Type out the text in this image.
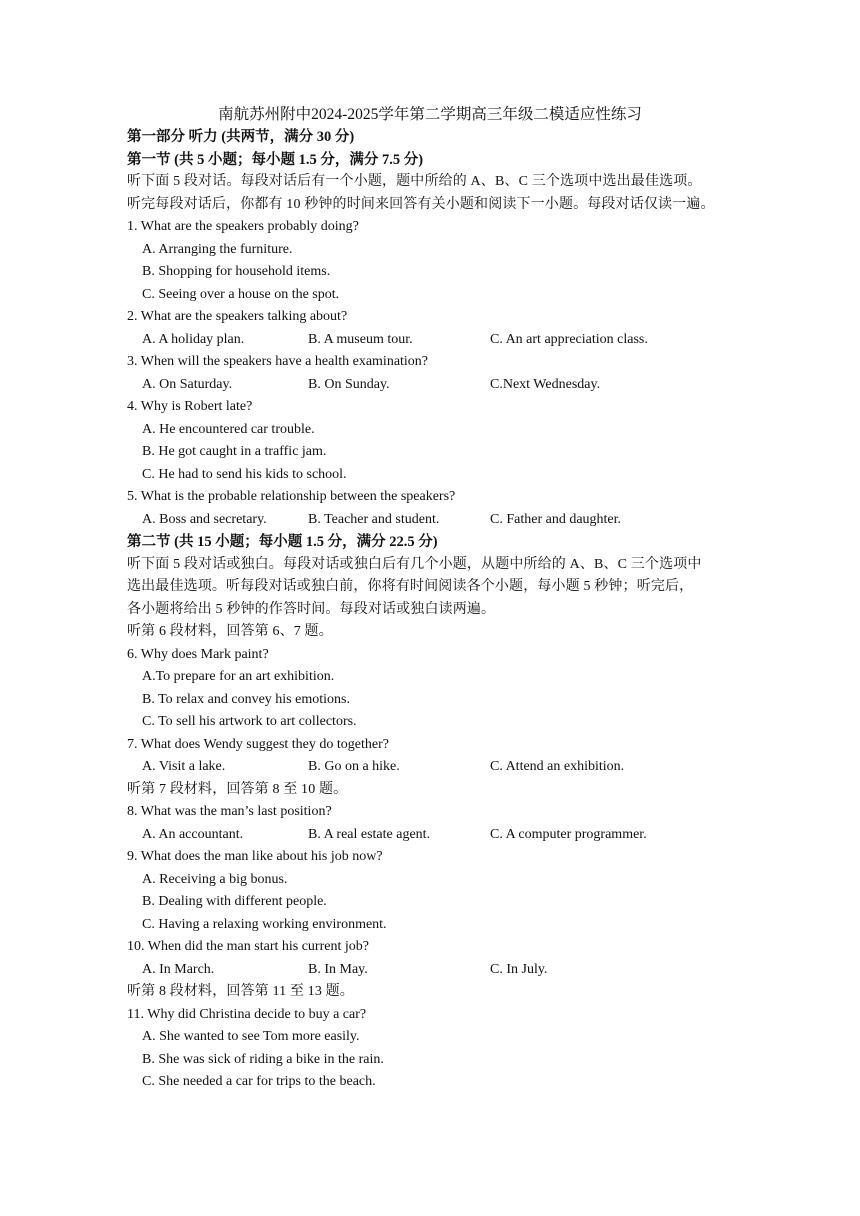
南航苏州附中2024-2025学年第二学期高三年级二模适应性练习
第一部分 听力 (共两节，满分 30 分)
第一节 (共 5 小题；每小题 1.5 分，满分 7.5 分)
听下面 5 段对话。每段对话后有一个小题，题中所给的 A、B、C 三个选项中选出最佳选项。
听完每段对话后，你都有 10 秒钟的时间来回答有关小题和阅读下一小题。每段对话仅读一遍。
1. What are the speakers probably doing?
A. Arranging the furniture.
B. Shopping for household items.
C. Seeing over a house on the spot.
2. What are the speakers talking about?
A. A holiday plan.	B. A museum tour.	C. An art appreciation class.
3. When will the speakers have a health examination?
A. On Saturday.	B. On Sunday.	C.Next Wednesday.
4. Why is Robert late?
A. He encountered car trouble.
B. He got caught in a traffic jam.
C. He had to send his kids to school.
5. What is the probable relationship between the speakers?
A. Boss and secretary.	B. Teacher and student.	C. Father and daughter.
第二节 (共 15 小题；每小题 1.5 分，满分 22.5 分)
听下面 5 段对话或独白。每段对话或独白后有几个小题，从题中所给的 A、B、C 三个选项中
选出最佳选项。听每段对话或独白前，你将有时间阅读各个小题，每小题 5 秒钟；听完后，
各小题将给出 5 秒钟的作答时间。每段对话或独白读两遍。
听第 6 段材料，回答第 6、7 题。
6. Why does Mark paint?
A.To prepare for an art exhibition.
B. To relax and convey his emotions.
C. To sell his artwork to art collectors.
7. What does Wendy suggest they do together?
A. Visit a lake.	B. Go on a hike.	C. Attend an exhibition.
听第 7 段材料，回答第 8 至 10 题。
8. What was the man’s last position?
A. An accountant.	B. A real estate agent.	C. A computer programmer.
9. What does the man like about his job now?
A. Receiving a big bonus.
B. Dealing with different people.
C. Having a relaxing working environment.
10. When did the man start his current job?
A. In March.	B. In May.	C. In July.
听第 8 段材料，回答第 11 至 13 题。
11. Why did Christina decide to buy a car?
A. She wanted to see Tom more easily.
B. She was sick of riding a bike in the rain.
C. She needed a car for trips to the beach.
